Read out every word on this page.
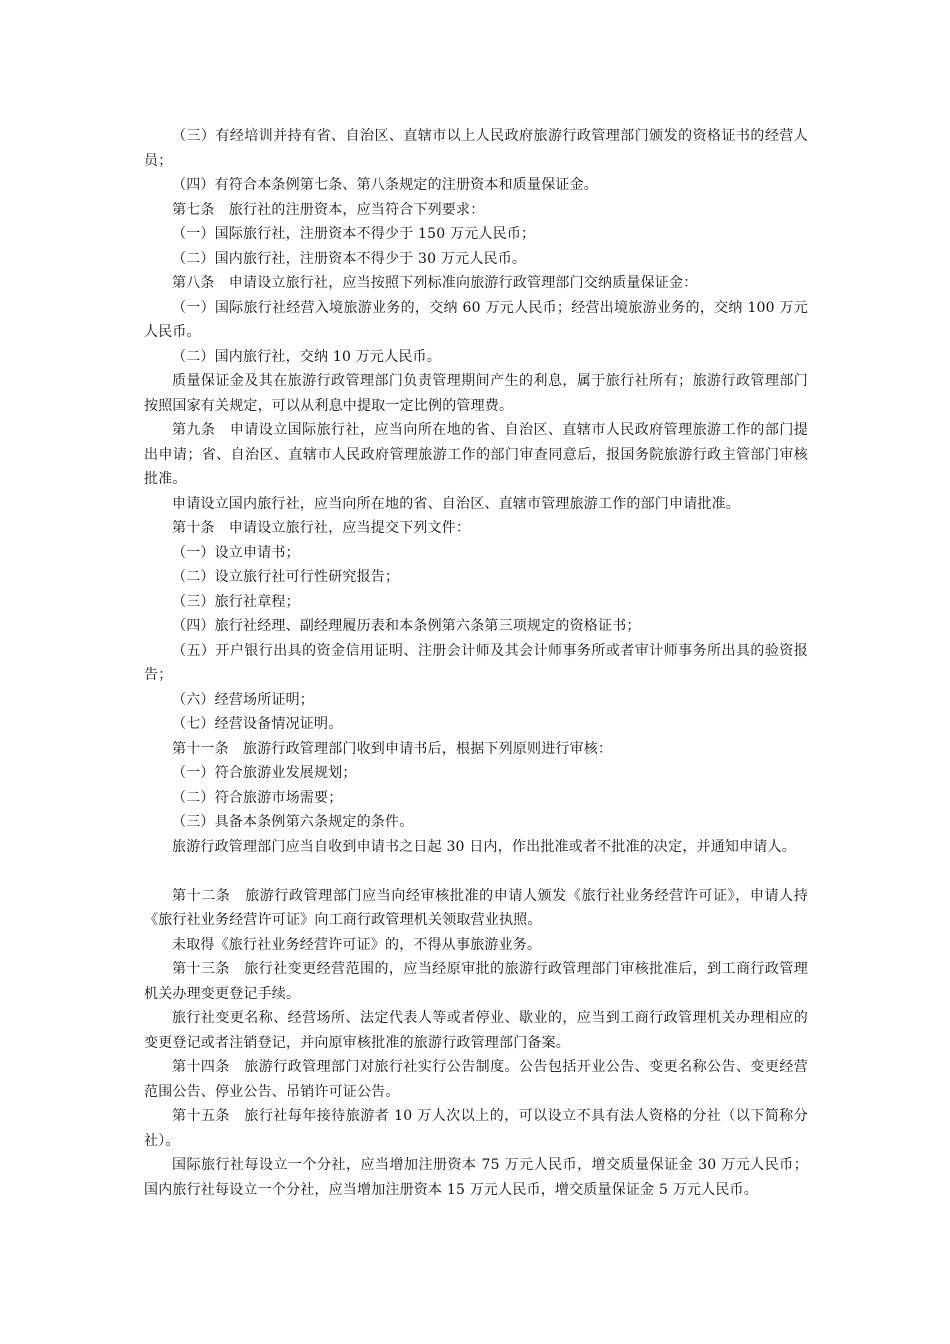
（三）有经培训并持有省、自治区、直辖市以上人民政府旅游行政管理部门颁发的资格证书的经营人员；

（四）有符合本条例第七条、第八条规定的注册资本和质量保证金。

第七条　旅行社的注册资本，应当符合下列要求：

（一）国际旅行社，注册资本不得少于 150 万元人民币；

（二）国内旅行社，注册资本不得少于 30 万元人民币。

第八条　申请设立旅行社，应当按照下列标准向旅游行政管理部门交纳质量保证金：

（一）国际旅行社经营入境旅游业务的，交纳 60 万元人民币；经营出境旅游业务的，交纳 100 万元人民币。

（二）国内旅行社，交纳 10 万元人民币。

质量保证金及其在旅游行政管理部门负责管理期间产生的利息，属于旅行社所有；旅游行政管理部门按照国家有关规定，可以从利息中提取一定比例的管理费。

第九条　申请设立国际旅行社，应当向所在地的省、自治区、直辖市人民政府管理旅游工作的部门提出申请；省、自治区、直辖市人民政府管理旅游工作的部门审查同意后，报国务院旅游行政主管部门审核批准。

申请设立国内旅行社，应当向所在地的省、自治区、直辖市管理旅游工作的部门申请批准。

第十条　申请设立旅行社，应当提交下列文件：

（一）设立申请书；

（二）设立旅行社可行性研究报告；

（三）旅行社章程；

（四）旅行社经理、副经理履历表和本条例第六条第三项规定的资格证书；

（五）开户银行出具的资金信用证明、注册会计师及其会计师事务所或者审计师事务所出具的验资报告；

（六）经营场所证明；

（七）经营设备情况证明。

第十一条　旅游行政管理部门收到申请书后，根据下列原则进行审核：

（一）符合旅游业发展规划；

（二）符合旅游市场需要；

（三）具备本条例第六条规定的条件。

旅游行政管理部门应当自收到申请书之日起 30 日内，作出批准或者不批准的决定，并通知申请人。

第十二条　旅游行政管理部门应当向经审核批准的申请人颁发《旅行社业务经营许可证》，申请人持《旅行社业务经营许可证》向工商行政管理机关领取营业执照。

未取得《旅行社业务经营许可证》的，不得从事旅游业务。

第十三条　旅行社变更经营范围的，应当经原审批的旅游行政管理部门审核批准后，到工商行政管理机关办理变更登记手续。

旅行社变更名称、经营场所、法定代表人等或者停业、歇业的，应当到工商行政管理机关办理相应的变更登记或者注销登记，并向原审核批准的旅游行政管理部门备案。

第十四条　旅游行政管理部门对旅行社实行公告制度。公告包括开业公告、变更名称公告、变更经营范围公告、停业公告、吊销许可证公告。

第十五条　旅行社每年接待旅游者 10 万人次以上的，可以设立不具有法人资格的分社（以下简称分社）。

国际旅行社每设立一个分社，应当增加注册资本 75 万元人民币，增交质量保证金 30 万元人民币；国内旅行社每设立一个分社，应当增加注册资本 15 万元人民币，增交质量保证金 5 万元人民币。
